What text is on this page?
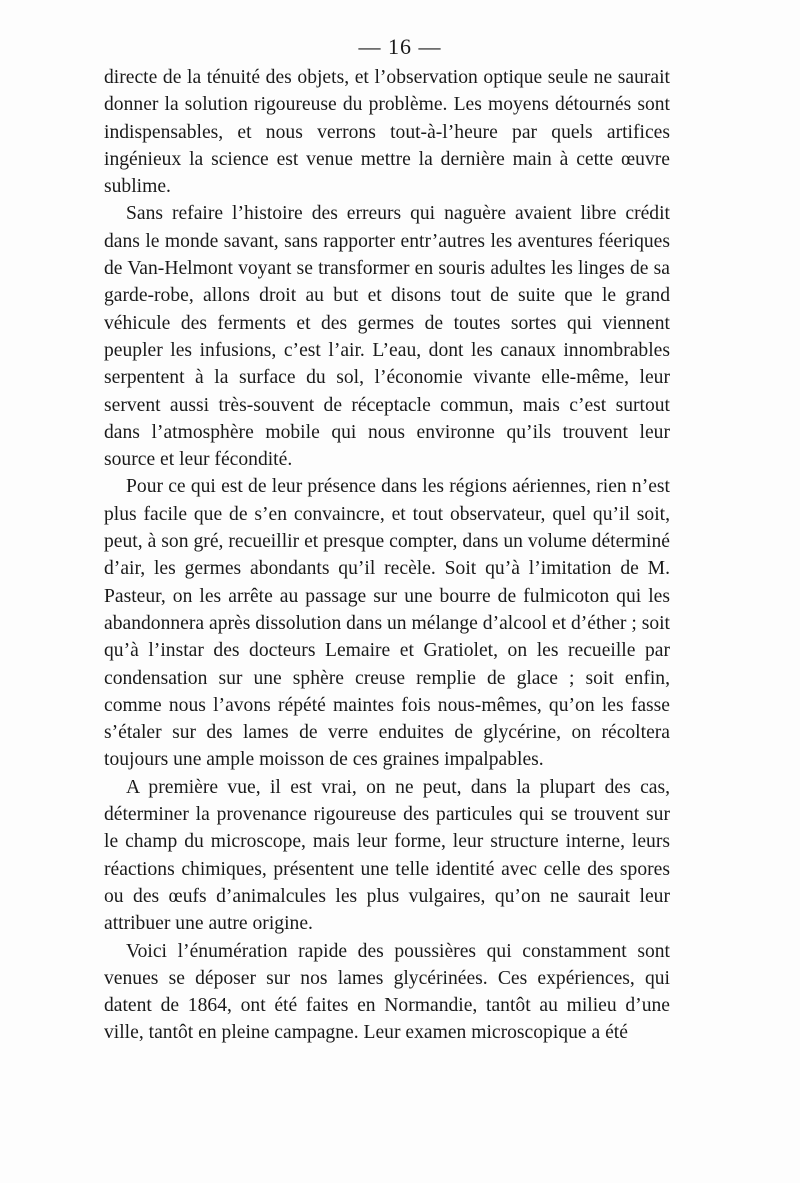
— 16 —

directe de la ténuité des objets, et l’observation optique seule ne saurait donner la solution rigoureuse du problème. Les moyens détournés sont indispensables, et nous verrons tout-à-l’heure par quels artifices ingénieux la science est venue mettre la dernière main à cette œuvre sublime.

Sans refaire l’histoire des erreurs qui naguère avaient libre crédit dans le monde savant, sans rapporter entr’autres les aventures féeriques de Van-Helmont voyant se transformer en souris adultes les linges de sa garde-robe, allons droit au but et disons tout de suite que le grand véhicule des ferments et des germes de toutes sortes qui viennent peupler les infusions, c’est l’air. L’eau, dont les canaux innombrables serpentent à la surface du sol, l’économie vivante elle-même, leur servent aussi très-souvent de réceptacle commun, mais c’est surtout dans l’atmosphère mobile qui nous environne qu’ils trouvent leur source et leur fécondité.

Pour ce qui est de leur présence dans les régions aériennes, rien n’est plus facile que de s’en convaincre, et tout observateur, quel qu’il soit, peut, à son gré, recueillir et presque compter, dans un volume déterminé d’air, les germes abondants qu’il recèle. Soit qu’à l’imitation de M. Pasteur, on les arrête au passage sur une bourre de fulmicoton qui les abandonnera après dissolution dans un mélange d’alcool et d’éther ; soit qu’à l’instar des docteurs Lemaire et Gratiolet, on les recueille par condensation sur une sphère creuse remplie de glace ; soit enfin, comme nous l’avons répété maintes fois nous-mêmes, qu’on les fasse s’étaler sur des lames de verre enduites de glycérine, on récoltera toujours une ample moisson de ces graines impalpables.

A première vue, il est vrai, on ne peut, dans la plupart des cas, déterminer la provenance rigoureuse des particules qui se trouvent sur le champ du microscope, mais leur forme, leur structure interne, leurs réactions chimiques, présentent une telle identité avec celle des spores ou des œufs d’animalcules les plus vulgaires, qu’on ne saurait leur attribuer une autre origine.

Voici l’énumération rapide des poussières qui constamment sont venues se déposer sur nos lames glycérinées. Ces expériences, qui datent de 1864, ont été faites en Normandie, tantôt au milieu d’une ville, tantôt en pleine campagne. Leur examen microscopique a été
